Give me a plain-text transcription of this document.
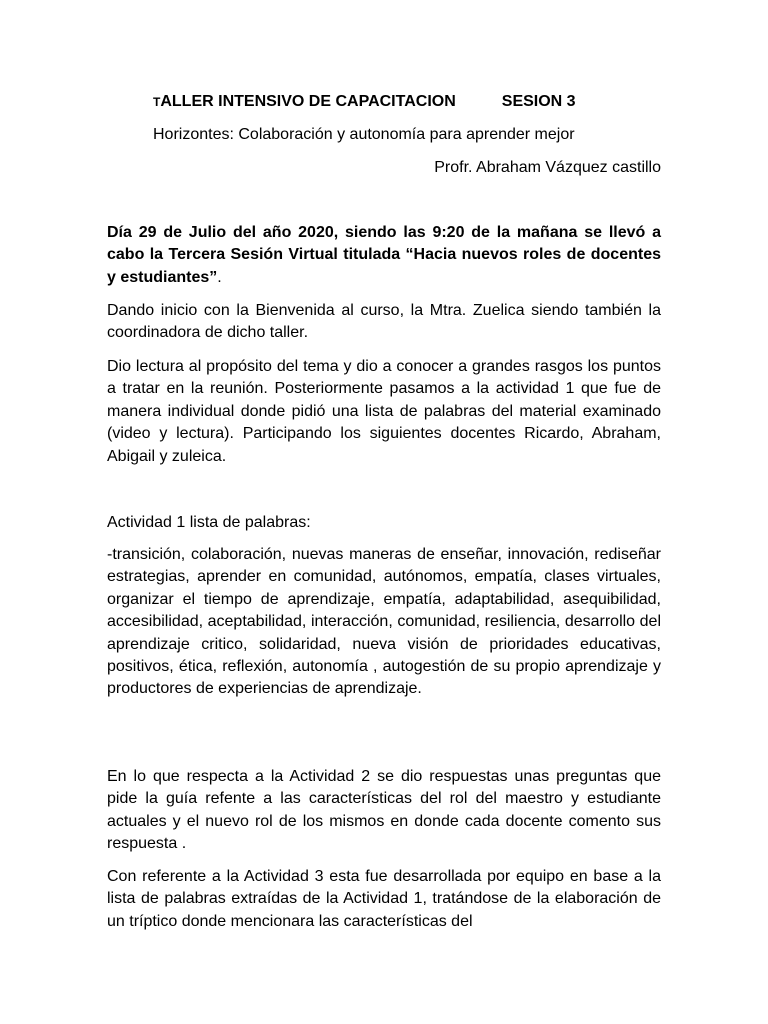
TALLER INTENSIVO DE CAPACITACION	SESION 3
Horizontes: Colaboración y autonomía para aprender mejor
Profr. Abraham Vázquez castillo

Día 29 de Julio del año 2020, siendo las 9:20 de la mañana se llevó a cabo la Tercera Sesión Virtual titulada “Hacia nuevos roles de docentes y estudiantes”.

Dando inicio con la Bienvenida al curso, la Mtra. Zuelica siendo también la coordinadora de dicho taller.

Dio lectura al propósito del tema y dio a conocer a grandes rasgos los puntos a tratar en la reunión. Posteriormente pasamos a la actividad 1 que fue de manera individual donde pidió una lista de palabras del material examinado (video y lectura). Participando los siguientes docentes Ricardo, Abraham, Abigail y zuleica.

Actividad 1 lista de palabras:

-transición, colaboración, nuevas maneras de enseñar, innovación, rediseñar estrategias, aprender en comunidad, autónomos, empatía, clases virtuales, organizar el tiempo de aprendizaje, empatía, adaptabilidad, asequibilidad, accesibilidad, aceptabilidad, interacción, comunidad, resiliencia, desarrollo del aprendizaje critico, solidaridad, nueva visión de prioridades educativas, positivos, ética, reflexión, autonomía , autogestión de su propio aprendizaje y productores de experiencias de aprendizaje.

En lo que respecta a la Actividad 2 se dio respuestas unas preguntas que pide la guía refente a las características del rol del maestro y estudiante actuales y el nuevo rol de los mismos en donde cada docente comento sus respuesta .

Con referente a la Actividad 3 esta fue desarrollada por equipo en base a la lista de palabras extraídas de la Actividad 1, tratándose de la elaboración de un tríptico donde mencionara las características del
